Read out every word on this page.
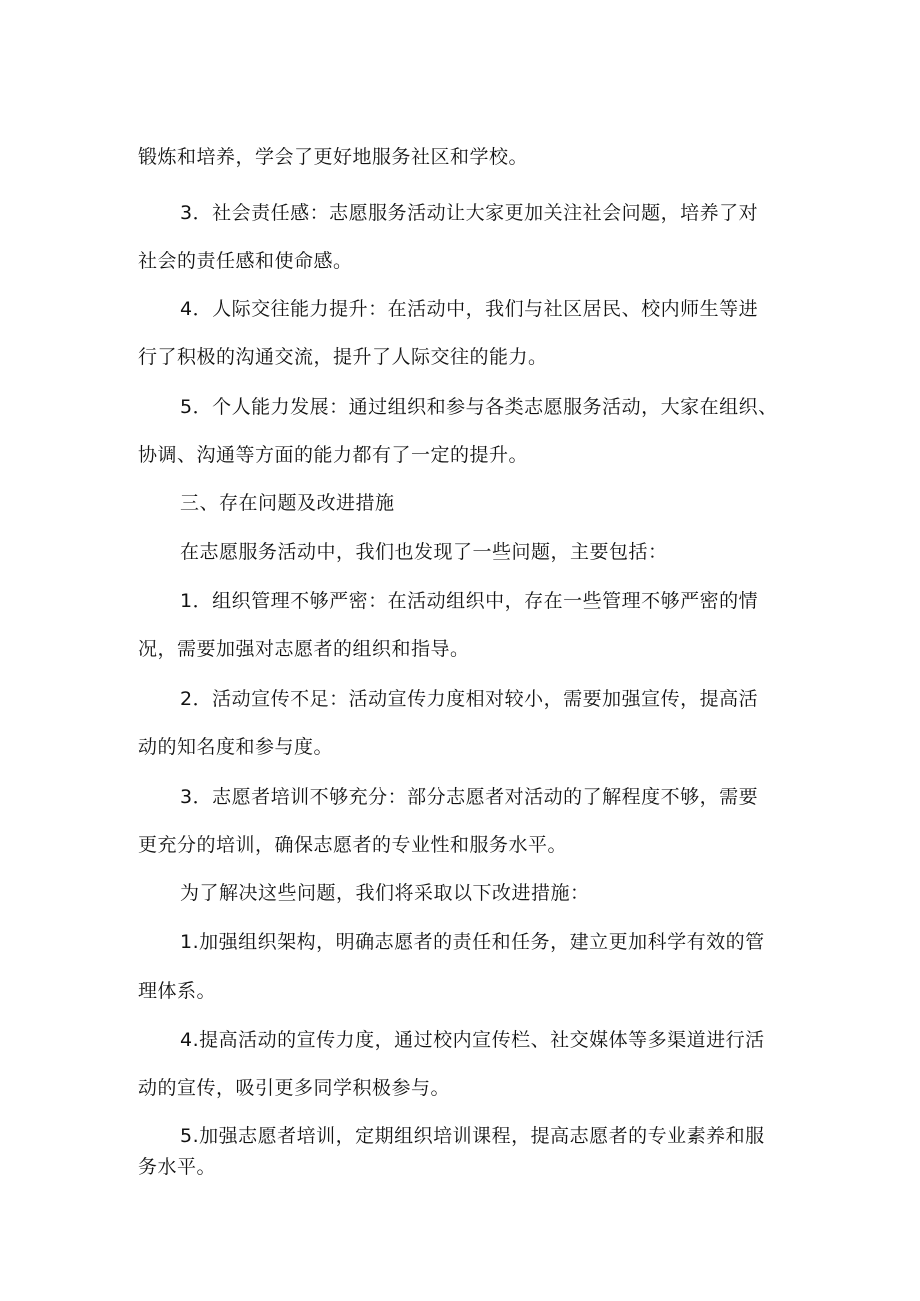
锻炼和培养，学会了更好地服务社区和学校。
3．社会责任感：志愿服务活动让大家更加关注社会问题，培养了对
社会的责任感和使命感。
4．人际交往能力提升：在活动中，我们与社区居民、校内师生等进
行了积极的沟通交流，提升了人际交往的能力。
5．个人能力发展：通过组织和参与各类志愿服务活动，大家在组织、
协调、沟通等方面的能力都有了一定的提升。
三、存在问题及改进措施
在志愿服务活动中，我们也发现了一些问题，主要包括：
1．组织管理不够严密：在活动组织中，存在一些管理不够严密的情
况，需要加强对志愿者的组织和指导。
2．活动宣传不足：活动宣传力度相对较小，需要加强宣传，提高活
动的知名度和参与度。
3．志愿者培训不够充分：部分志愿者对活动的了解程度不够，需要
更充分的培训，确保志愿者的专业性和服务水平。
为了解决这些问题，我们将采取以下改进措施：
1.加强组织架构，明确志愿者的责任和任务，建立更加科学有效的管
理体系。
4.提高活动的宣传力度，通过校内宣传栏、社交媒体等多渠道进行活
动的宣传，吸引更多同学积极参与。
5.加强志愿者培训，定期组织培训课程，提高志愿者的专业素养和服
务水平。
